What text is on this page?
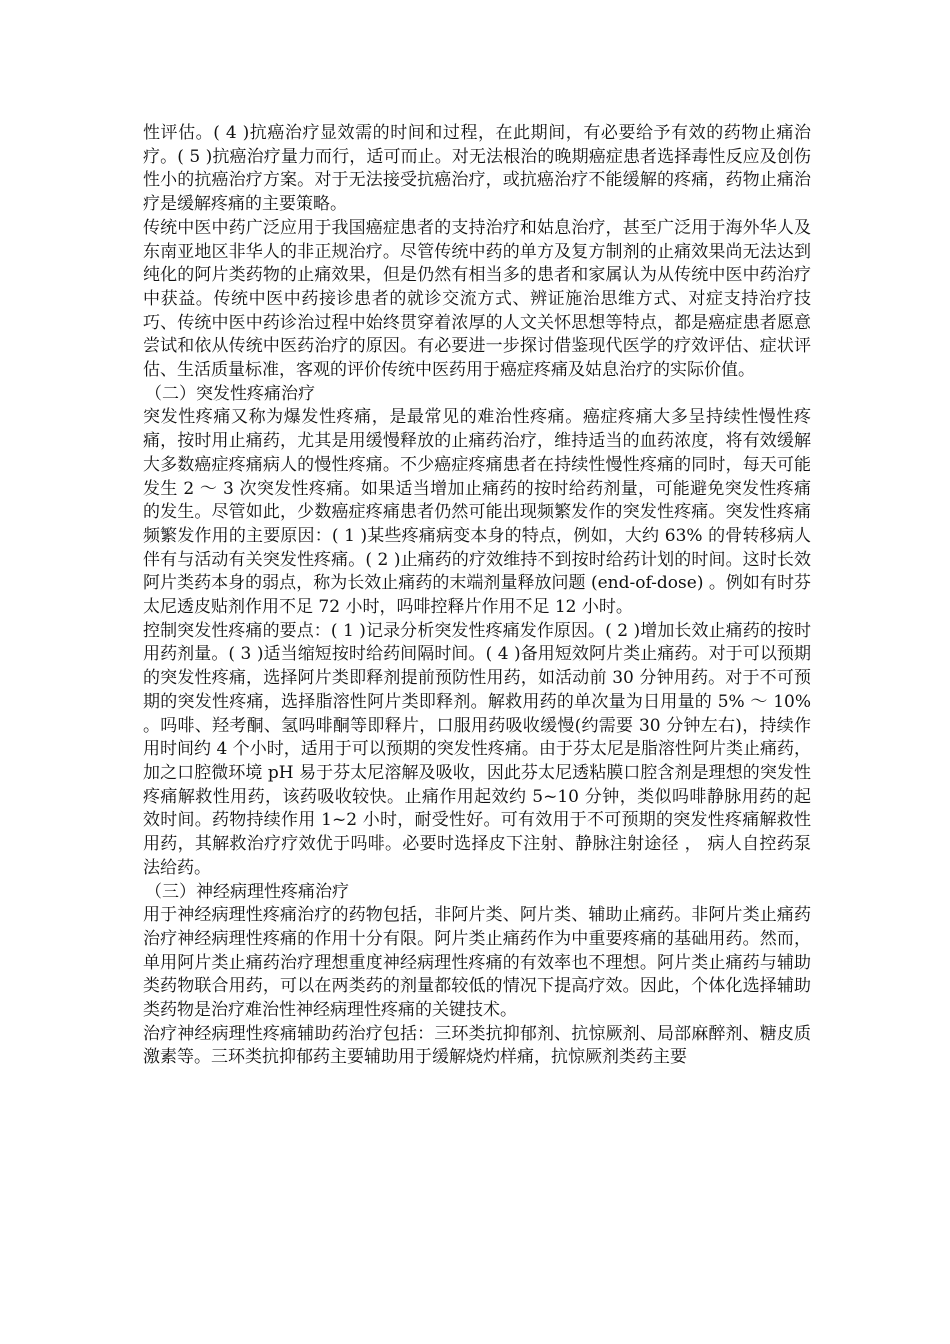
性评估。( 4 )抗癌治疗显效需的时间和过程，在此期间，有必要给予有效的药物止痛治疗。( 5 )抗癌治疗量力而行，适可而止。对无法根治的晚期癌症患者选择毒性反应及创伤性小的抗癌治疗方案。对于无法接受抗癌治疗，或抗癌治疗不能缓解的疼痛，药物止痛治疗是缓解疼痛的主要策略。

传统中医中药广泛应用于我国癌症患者的支持治疗和姑息治疗，甚至广泛用于海外华人及东南亚地区非华人的非正规治疗。尽管传统中药的单方及复方制剂的止痛效果尚无法达到纯化的阿片类药物的止痛效果，但是仍然有相当多的患者和家属认为从传统中医中药治疗中获益。传统中医中药接诊患者的就诊交流方式、辨证施治思维方式、对症支持治疗技巧、传统中医中药诊治过程中始终贯穿着浓厚的人文关怀思想等特点，都是癌症患者愿意尝试和依从传统中医药治疗的原因。有必要进一步探讨借鉴现代医学的疗效评估、症状评估、生活质量标准，客观的评价传统中医药用于癌症疼痛及姑息治疗的实际价值。

（二）突发性疼痛治疗

突发性疼痛又称为爆发性疼痛，是最常见的难治性疼痛。癌症疼痛大多呈持续性慢性疼痛，按时用止痛药，尤其是用缓慢释放的止痛药治疗，维持适当的血药浓度，将有效缓解大多数癌症疼痛病人的慢性疼痛。不少癌症疼痛患者在持续性慢性疼痛的同时，每天可能发生 2 ～ 3 次突发性疼痛。如果适当增加止痛药的按时给药剂量，可能避免突发性疼痛的发生。尽管如此，少数癌症疼痛患者仍然可能出现频繁发作的突发性疼痛。突发性疼痛频繁发作用的主要原因：( 1 )某些疼痛病变本身的特点，例如，大约 63% 的骨转移病人伴有与活动有关突发性疼痛。( 2 )止痛药的疗效维持不到按时给药计划的时间。这时长效阿片类药本身的弱点，称为长效止痛药的末端剂量释放问题 (end-of-dose) 。例如有时芬太尼透皮贴剂作用不足 72 小时，吗啡控释片作用不足 12 小时。

控制突发性疼痛的要点：( 1 )记录分析突发性疼痛发作原因。( 2 )增加长效止痛药的按时用药剂量。( 3 )适当缩短按时给药间隔时间。( 4 )备用短效阿片类止痛药。对于可以预期的突发性疼痛，选择阿片类即释剂提前预防性用药，如活动前 30 分钟用药。对于不可预期的突发性疼痛，选择脂溶性阿片类即释剂。解救用药的单次量为日用量的 5% ～ 10% 。吗啡、羟考酮、氢吗啡酮等即释片，口服用药吸收缓慢(约需要 30 分钟左右)，持续作用时间约 4 个小时，适用于可以预期的突发性疼痛。由于芬太尼是脂溶性阿片类止痛药，加之口腔微环境 pH 易于芬太尼溶解及吸收，因此芬太尼透粘膜口腔含剂是理想的突发性疼痛解救性用药，该药吸收较快。止痛作用起效约 5~10 分钟，类似吗啡静脉用药的起效时间。药物持续作用 1~2 小时，耐受性好。可有效用于不可预期的突发性疼痛解救性用药，其解救治疗疗效优于吗啡。必要时选择皮下注射、静脉注射途径 ， 病人自控药泵法给药。

（三）神经病理性疼痛治疗

用于神经病理性疼痛治疗的药物包括，非阿片类、阿片类、辅助止痛药。非阿片类止痛药治疗神经病理性疼痛的作用十分有限。阿片类止痛药作为中重要疼痛的基础用药。然而，单用阿片类止痛药治疗理想重度神经病理性疼痛的有效率也不理想。阿片类止痛药与辅助类药物联合用药，可以在两类药的剂量都较低的情况下提高疗效。因此，个体化选择辅助类药物是治疗难治性神经病理性疼痛的关键技术。

治疗神经病理性疼痛辅助药治疗包括：三环类抗抑郁剂、抗惊厥剂、局部麻醉剂、糖皮质激素等。三环类抗抑郁药主要辅助用于缓解烧灼样痛，抗惊厥剂类药主要
